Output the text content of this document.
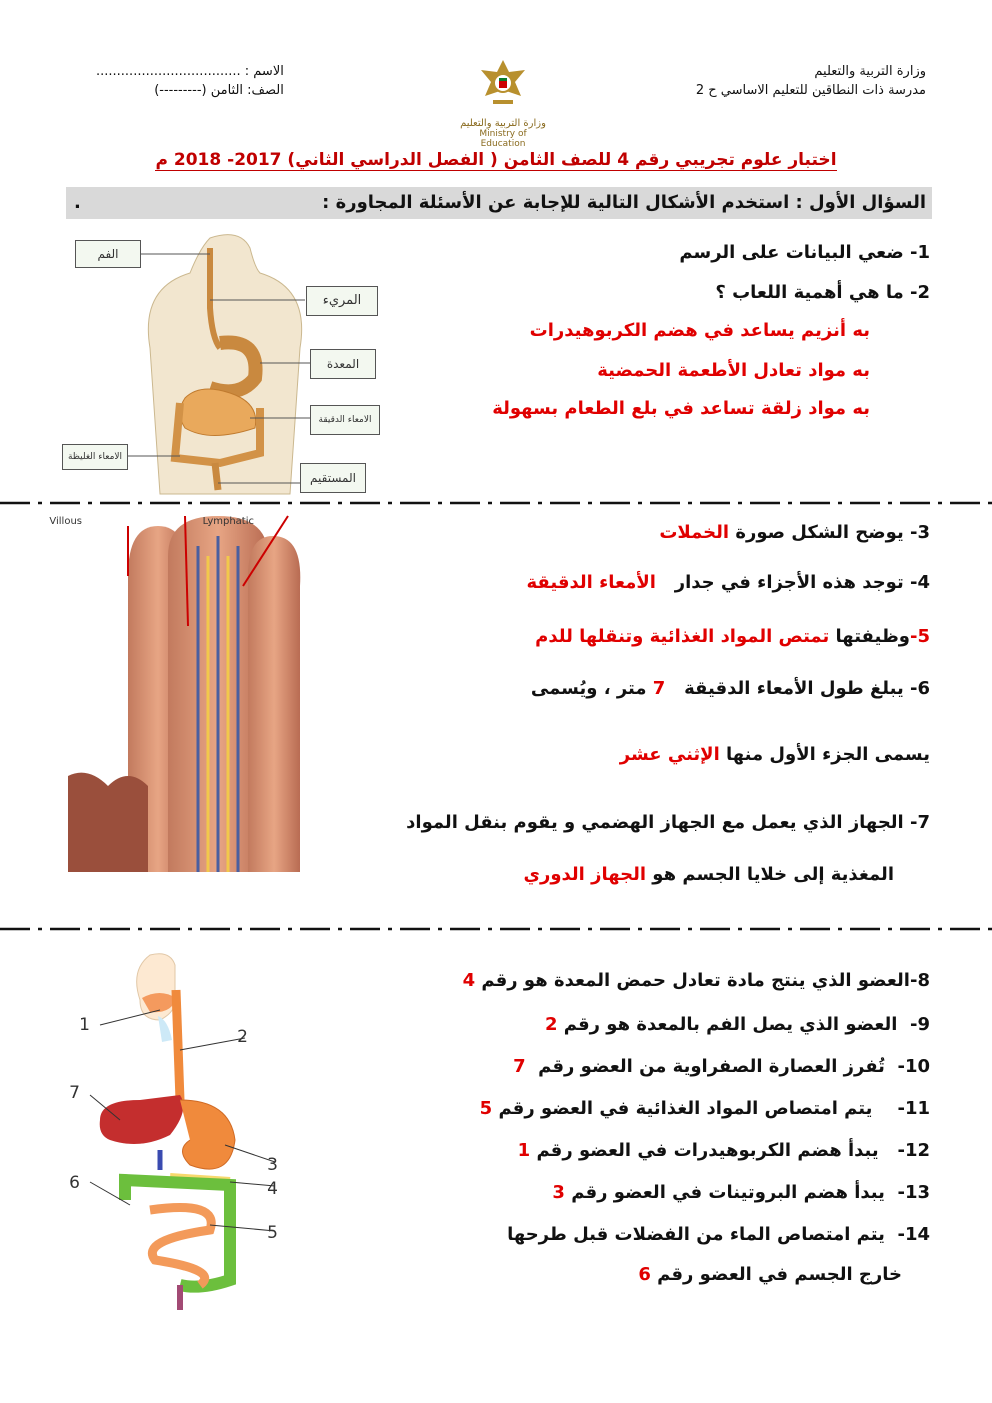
وزارة التربية والتعليم
مدرسة ذات النطاقين للتعليم الاساسي ح 2
وزارة التربية والتعليم
Ministry of Education
الاسم : ...................................
الصف: الثامن (---------)
اختبار علوم تجريبي رقم 4 للصف الثامن ( الفصل الدراسي الثاني) 2017- 2018 م
السؤال الأول : استخدم الأشكال التالية للإجابة عن الأسئلة المجاورة :
.
الفم
المريء
المعدة
الامعاء الدقيقة
الامعاء الغليظة
المستقيم
1- ضعي البيانات على الرسم
2- ما هي أهمية اللعاب ؟
به أنزيم يساعد في هضم الكربوهيدرات
به مواد تعادل الأطعمة الحمضية
به مواد زلقة تساعد في بلع الطعام بسهولة
Villous	Lymphatic
3- يوضح الشكل صورة الخملات
4- توجد هذه الأجزاء في جدار   الأمعاء الدقيقة
5-وظيفتها تمتص المواد الغذائية وتنقلها للدم
6- يبلغ طول الأمعاء الدقيقة   7 متر ، ويُسمى
يسمى الجزء الأول منها الإثني عشر
7- الجهاز الذي يعمل مع الجهاز الهضمي و يقوم بنقل المواد
المغذية إلى خلايا الجسم هو الجهاز الدوري
1
2
3
4
5
6
7
8-العضو الذي ينتج مادة تعادل حمض المعدة هو رقم 4
9-  العضو الذي يصل الفم بالمعدة هو رقم 2
10-  تُفرز العصارة الصفراوية من العضو رقم  7
11-    يتم امتصاص المواد الغذائية في العضو رقم 5
12-   يبدأ هضم الكربوهيدرات في العضو رقم 1
13-  يبدأ هضم البروتينات في العضو رقم 3
14-  يتم امتصاص الماء من الفضلات قبل طرحها
خارج الجسم في العضو رقم 6
